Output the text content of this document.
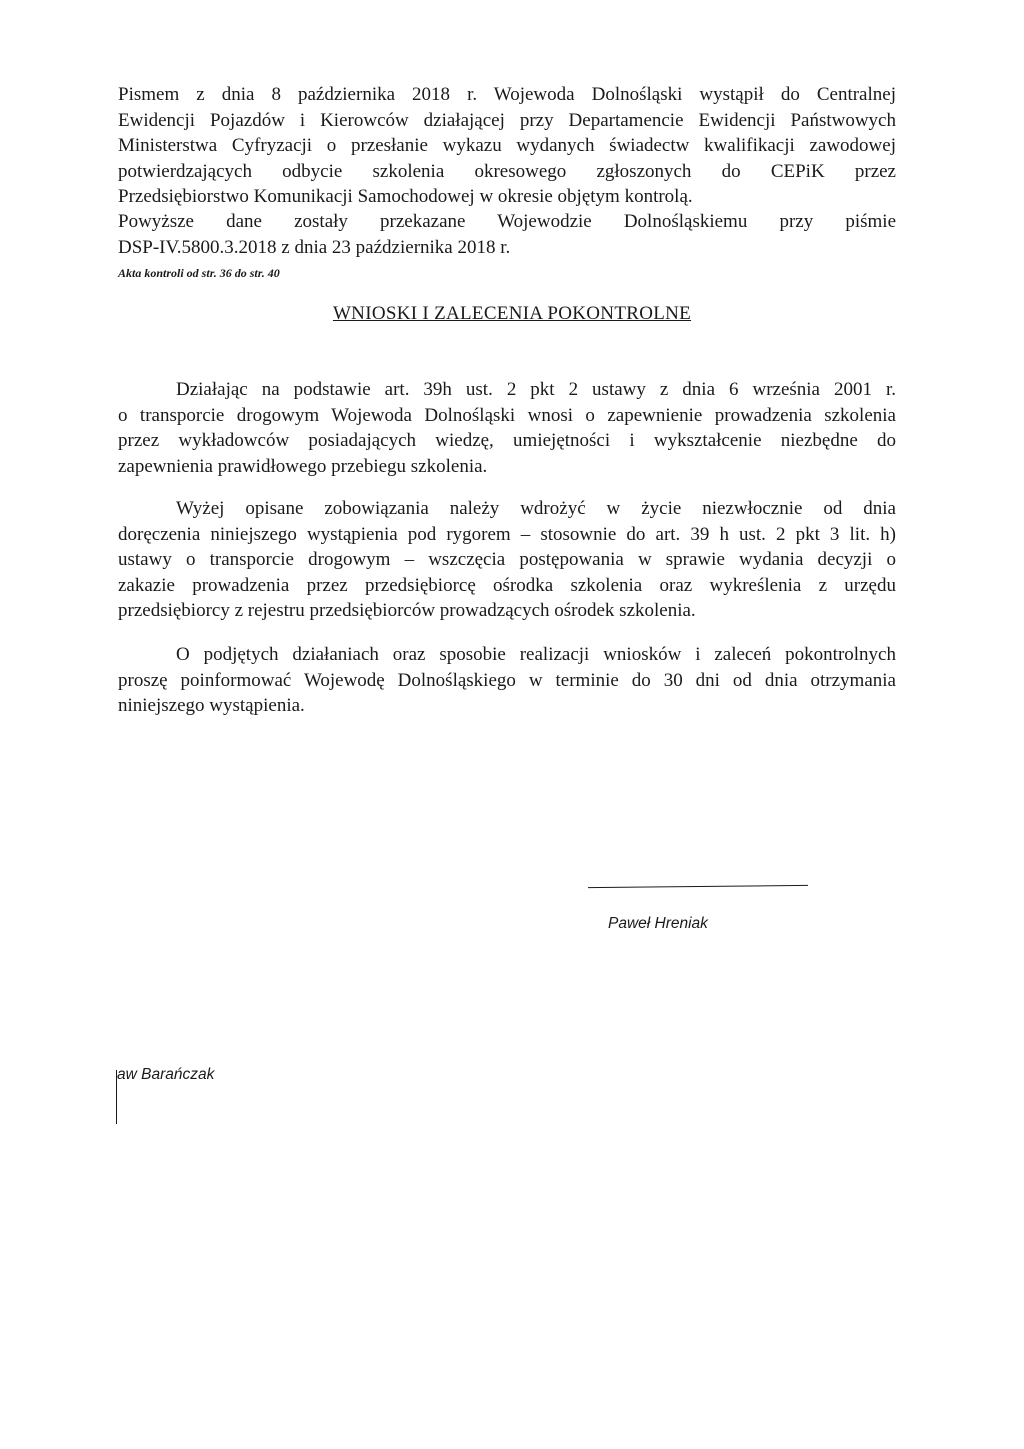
Pismem z dnia 8 października 2018 r. Wojewoda Dolnośląski wystąpił do Centralnej
Ewidencji Pojazdów i Kierowców działającej przy Departamencie Ewidencji Państwowych
Ministerstwa Cyfryzacji o przesłanie wykazu wydanych świadectw kwalifikacji zawodowej
potwierdzających odbycie szkolenia okresowego zgłoszonych do CEPiK przez
Przedsiębiorstwo Komunikacji Samochodowej w okresie objętym kontrolą.
Powyższe dane zostały przekazane Wojewodzie Dolnośląskiemu przy piśmie
DSP-IV.5800.3.2018 z dnia 23 października 2018 r.
Akta kontroli od str. 36 do str. 40
WNIOSKI I ZALECENIA POKONTROLNE
Działając na podstawie art. 39h ust. 2 pkt 2 ustawy z dnia 6 września 2001 r.
o transporcie drogowym Wojewoda Dolnośląski wnosi o zapewnienie prowadzenia szkolenia
przez wykładowców posiadających wiedzę, umiejętności i wykształcenie niezbędne do
zapewnienia prawidłowego przebiegu szkolenia.
Wyżej opisane zobowiązania należy wdrożyć w życie niezwłocznie od dnia
doręczenia niniejszego wystąpienia pod rygorem – stosownie do art. 39 h ust. 2 pkt 3 lit. h)
ustawy o transporcie drogowym – wszczęcia postępowania w sprawie wydania decyzji o
zakazie prowadzenia przez przedsiębiorcę ośrodka szkolenia oraz wykreślenia z urzędu
przedsiębiorcy z rejestru przedsiębiorców prowadzących ośrodek szkolenia.
O podjętych działaniach oraz sposobie realizacji wniosków i zaleceń pokontrolnych
proszę poinformować Wojewodę Dolnośląskiego w terminie do 30 dni od dnia otrzymania
niniejszego wystąpienia.
Paweł Hreniak
aw Barańczak
